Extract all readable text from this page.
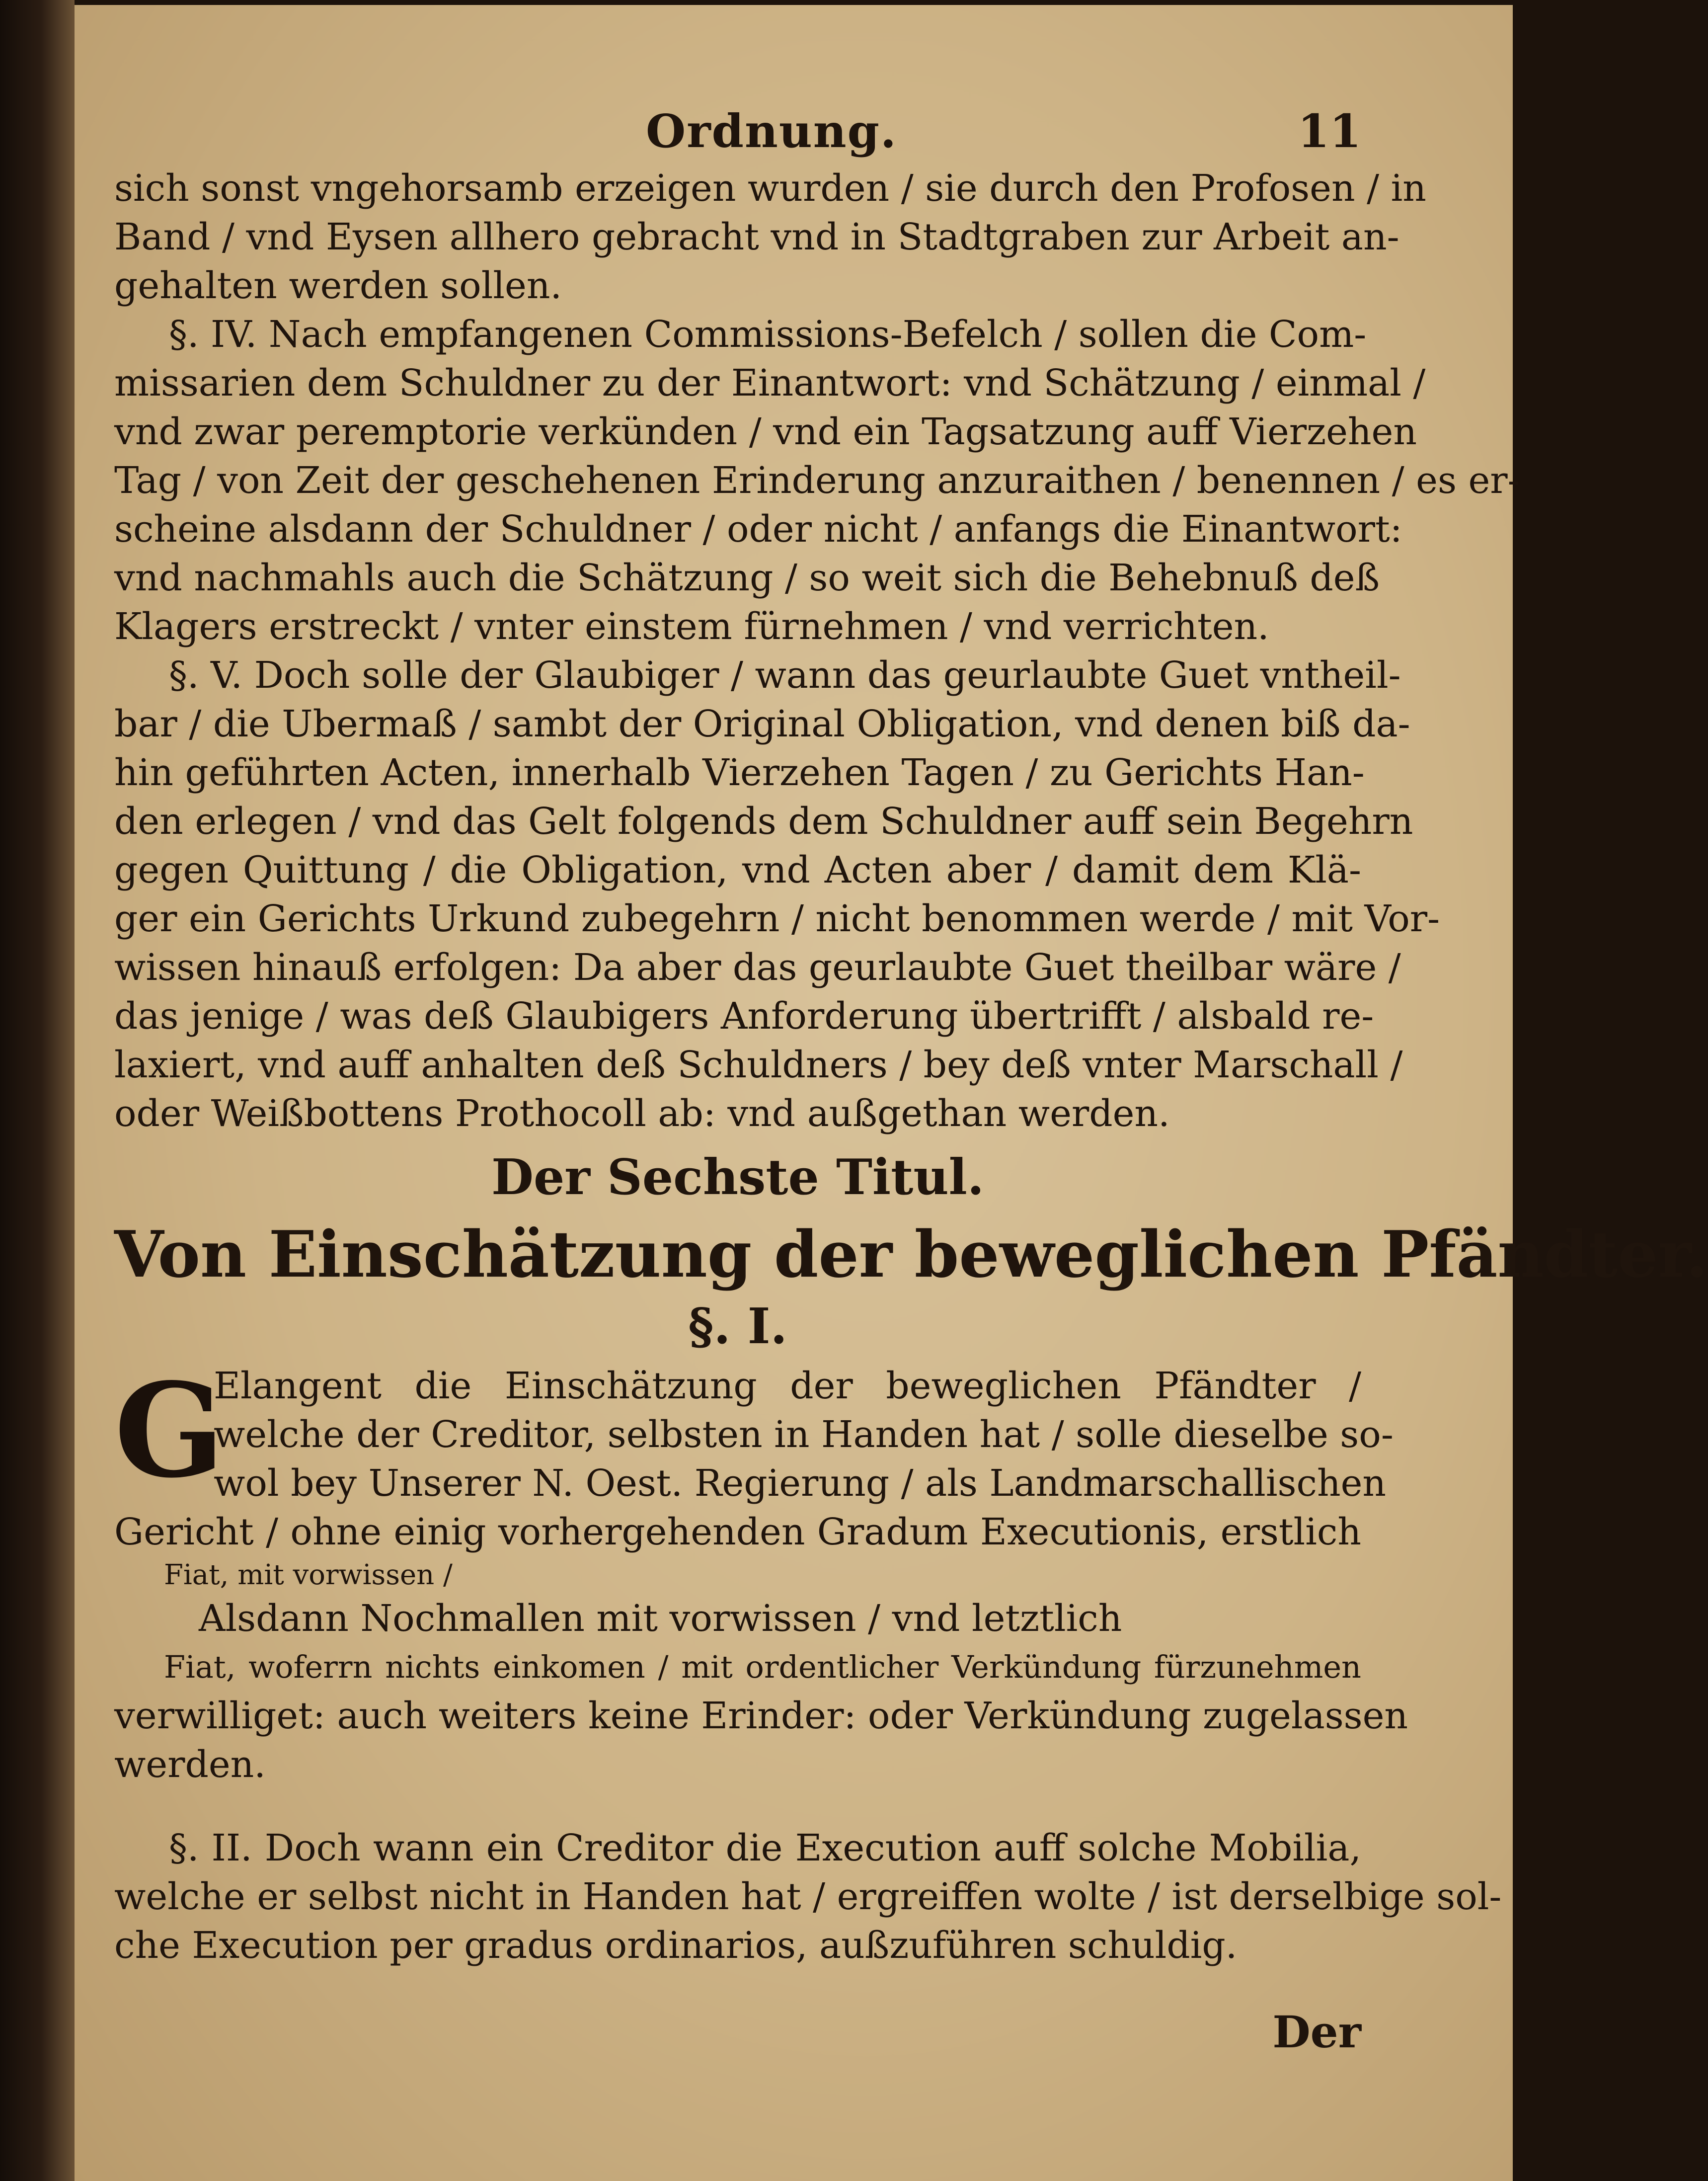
Ordnung.	11
sich sonst vngehorsamb erzeigen wurden / sie durch den Profosen / in
Band / vnd Eysen allhero gebracht vnd in Stadtgraben zur Arbeit an-
gehalten werden sollen.
§. IV. Nach empfangenen Commissions-Befelch / sollen die Com-
missarien dem Schuldner zu der Einantwort: vnd Schätzung / einmal /
vnd zwar peremptorie verkünden / vnd ein Tagsatzung auff Vierzehen
Tag / von Zeit der geschehenen Erinderung anzuraithen / benennen / es er-
scheine alsdann der Schuldner / oder nicht / anfangs die Einantwort:
vnd nachmahls auch die Schätzung / so weit sich die Behebnuß deß
Klagers erstreckt / vnter einstem fürnehmen / vnd verrichten.
§. V. Doch solle der Glaubiger / wann das geurlaubte Guet vntheil-
bar / die Ubermaß / sambt der Original Obligation, vnd denen biß da-
hin geführten Acten, innerhalb Vierzehen Tagen / zu Gerichts Han-
den erlegen / vnd das Gelt folgends dem Schuldner auff sein Begehrn
gegen Quittung / die Obligation, vnd Acten aber / damit dem Klä-
ger ein Gerichts Urkund zubegehrn / nicht benommen werde / mit Vor-
wissen hinauß erfolgen: Da aber das geurlaubte Guet theilbar wäre /
das jenige / was deß Glaubigers Anforderung übertrifft / alsbald re-
laxiert, vnd auff anhalten deß Schuldners / bey deß vnter Marschall /
oder Weißbottens Prothocoll ab: vnd außgethan werden.
Der Sechste Titul.
Von Einschätzung der beweglichen Pfändter.
§. I.
G
Elangent die Einschätzung der beweglichen Pfändter /
welche der Creditor, selbsten in Handen hat / solle dieselbe so-
wol bey Unserer N. Oest. Regierung / als Landmarschallischen
Gericht / ohne einig vorhergehenden Gradum Executionis, erstlich
Fiat, mit vorwissen /
Alsdann Nochmallen mit vorwissen / vnd letztlich
Fiat, woferrn nichts einkomen / mit ordentlicher Verkündung fürzunehmen
verwilliget: auch weiters keine Erinder: oder Verkündung zugelassen
werden.
§. II. Doch wann ein Creditor die Execution auff solche Mobilia,
welche er selbst nicht in Handen hat / ergreiffen wolte / ist derselbige sol-
che Execution per gradus ordinarios, außzuführen schuldig.
Der
